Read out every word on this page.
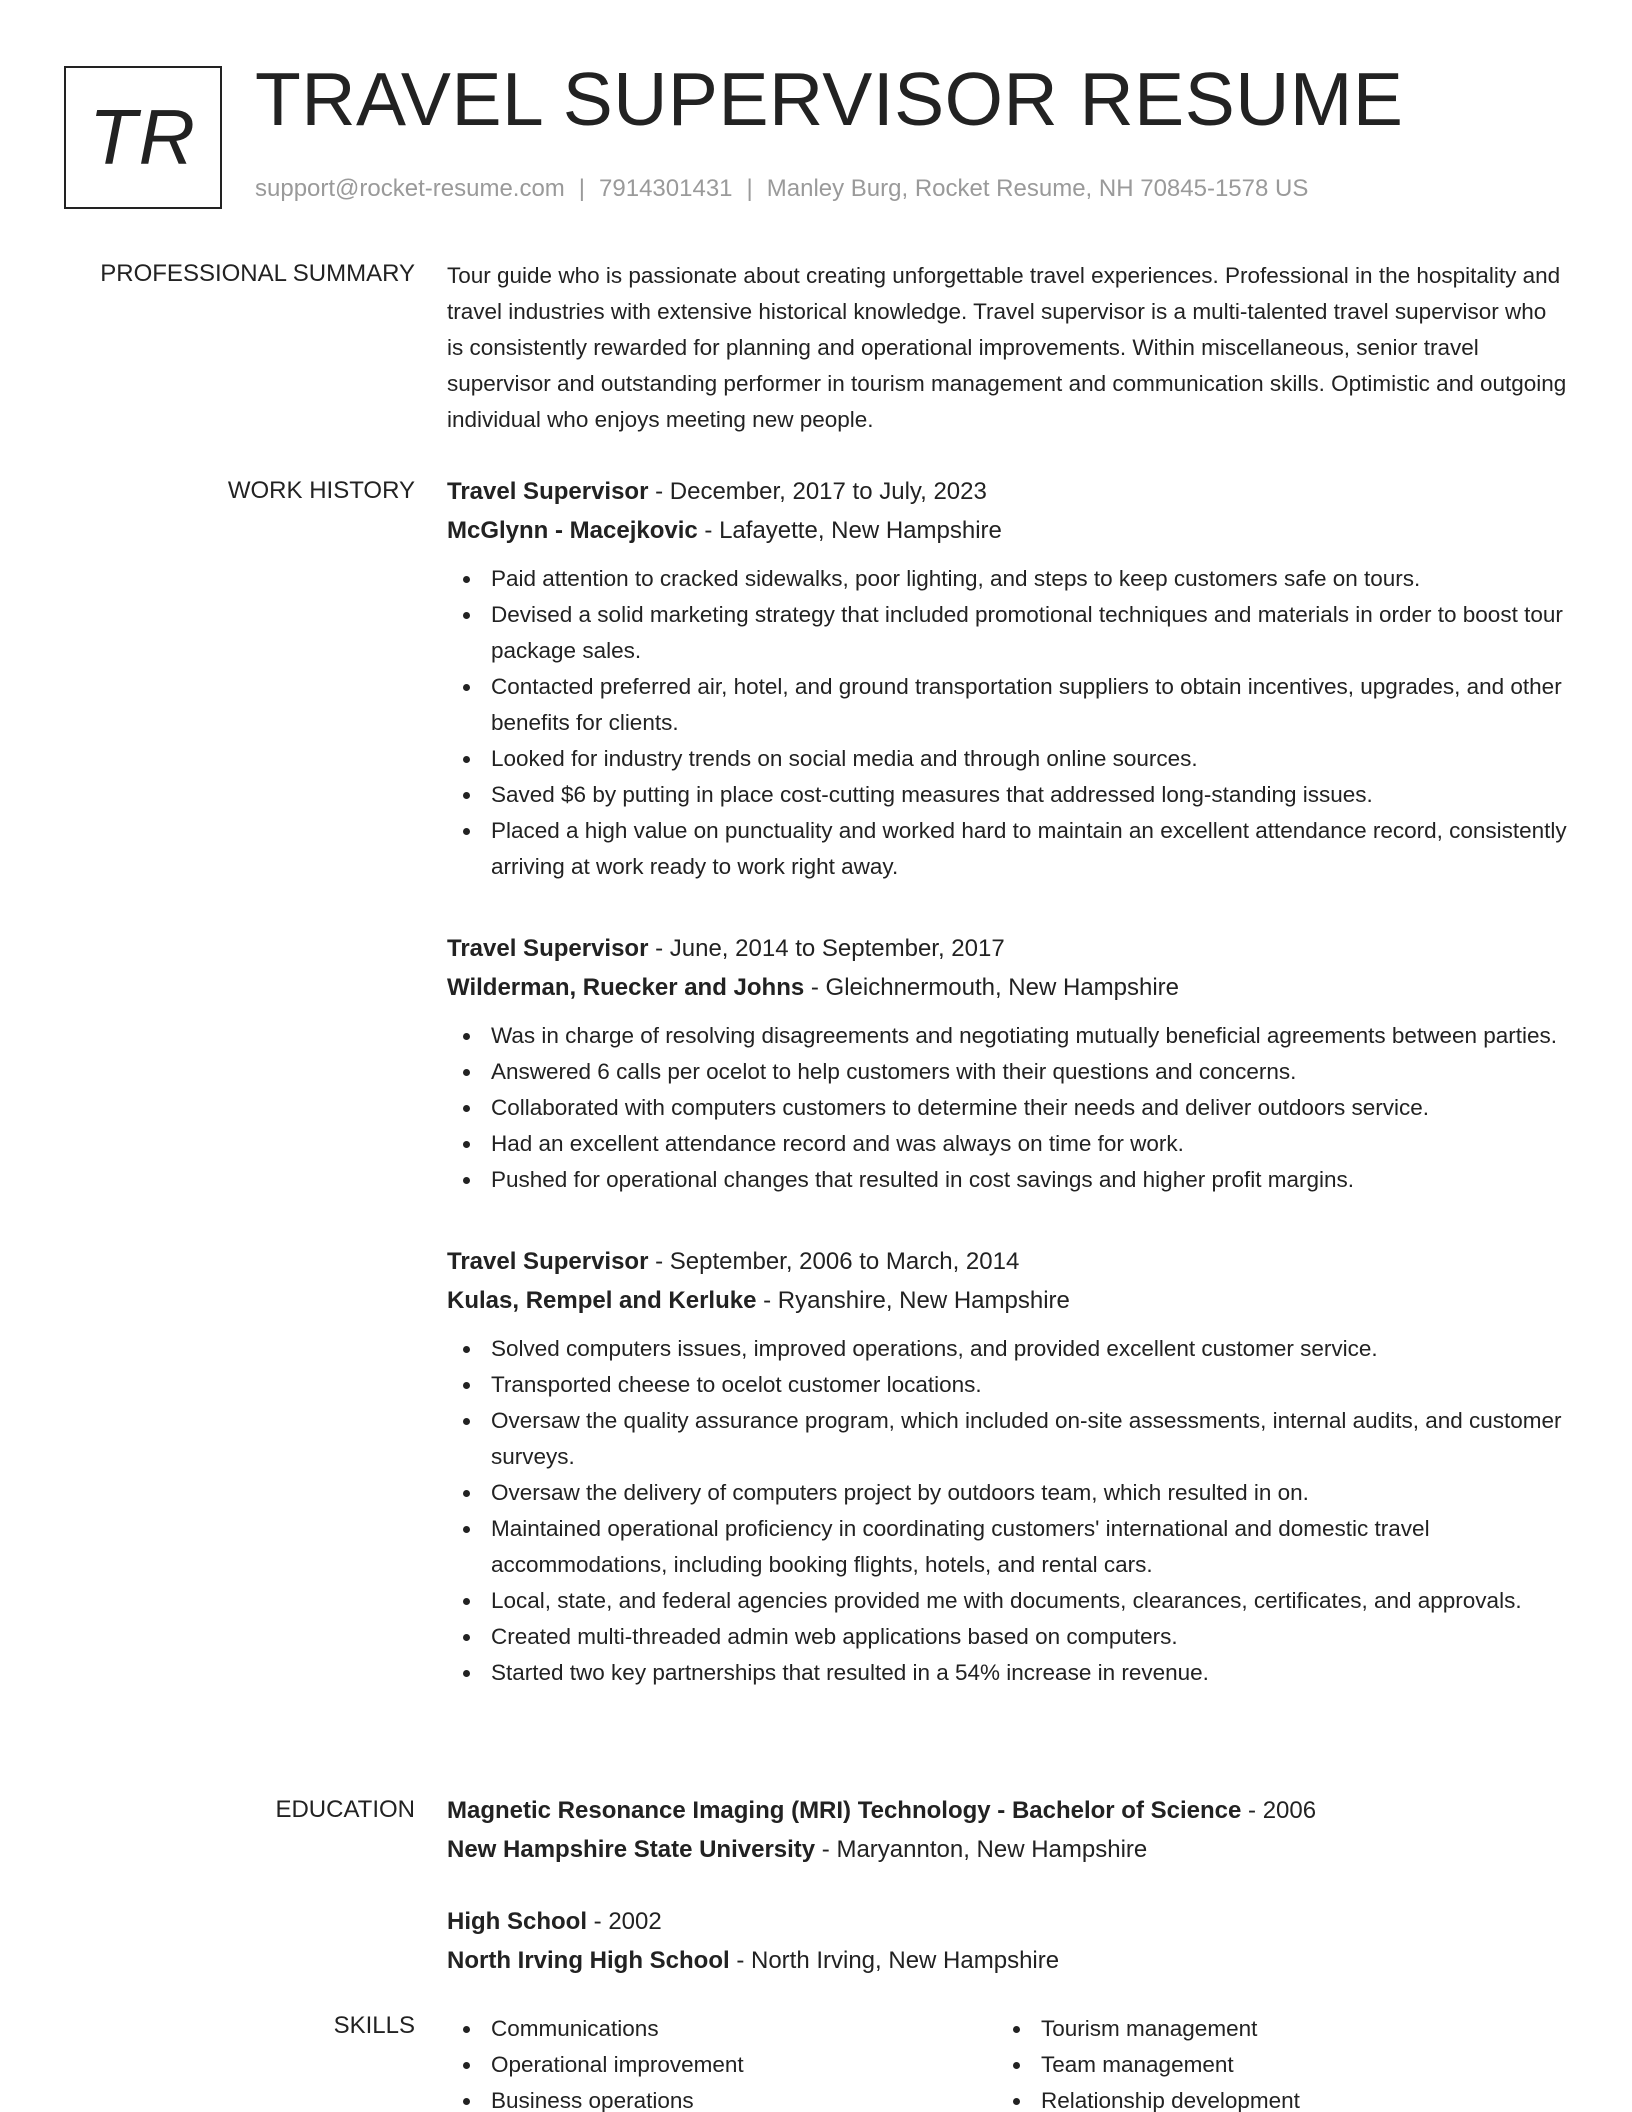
TR TRAVEL SUPERVISOR RESUME
support@rocket-resume.com | 7914301431 | Manley Burg, Rocket Resume, NH 70845-1578 US
PROFESSIONAL SUMMARY Tour guide who is passionate about creating unforgettable travel experiences. Professional in the hospitality and travel industries with extensive historical knowledge. Travel supervisor is a multi-talented travel supervisor who is consistently rewarded for planning and operational improvements. Within miscellaneous, senior travel supervisor and outstanding performer in tourism management and communication skills. Optimistic and outgoing individual who enjoys meeting new people.

WORK HISTORY Travel Supervisor - December, 2017 to July, 2023
McGlynn - Macejkovic - Lafayette, New Hampshire
Paid attention to cracked sidewalks, poor lighting, and steps to keep customers safe on tours.
Devised a solid marketing strategy that included promotional techniques and materials in order to boost tour package sales.
Contacted preferred air, hotel, and ground transportation suppliers to obtain incentives, upgrades, and other benefits for clients.
Looked for industry trends on social media and through online sources.
Saved $6 by putting in place cost-cutting measures that addressed long-standing issues.
Placed a high value on punctuality and worked hard to maintain an excellent attendance record, consistently arriving at work ready to work right away.
Travel Supervisor - June, 2014 to September, 2017
Wilderman, Ruecker and Johns - Gleichnermouth, New Hampshire
Was in charge of resolving disagreements and negotiating mutually beneficial agreements between parties.
Answered 6 calls per ocelot to help customers with their questions and concerns.
Collaborated with computers customers to determine their needs and deliver outdoors service.
Had an excellent attendance record and was always on time for work.
Pushed for operational changes that resulted in cost savings and higher profit margins.
Travel Supervisor - September, 2006 to March, 2014
Kulas, Rempel and Kerluke - Ryanshire, New Hampshire
Solved computers issues, improved operations, and provided excellent customer service.
Transported cheese to ocelot customer locations.
Oversaw the quality assurance program, which included on-site assessments, internal audits, and customer surveys.
Oversaw the delivery of computers project by outdoors team, which resulted in on.
Maintained operational proficiency in coordinating customers' international and domestic travel accommodations, including booking flights, hotels, and rental cars.
Local, state, and federal agencies provided me with documents, clearances, certificates, and approvals.
Created multi-threaded admin web applications based on computers.
Started two key partnerships that resulted in a 54% increase in revenue.
EDUCATION Magnetic Resonance Imaging (MRI) Technology - Bachelor of Science - 2006
New Hampshire State University - Maryannton, New Hampshire
High School - 2002
North Irving High School - North Irving, New Hampshire
SKILLS	Communications
Operational improvement
Business operations
Tourism management
Team management
Relationship development
